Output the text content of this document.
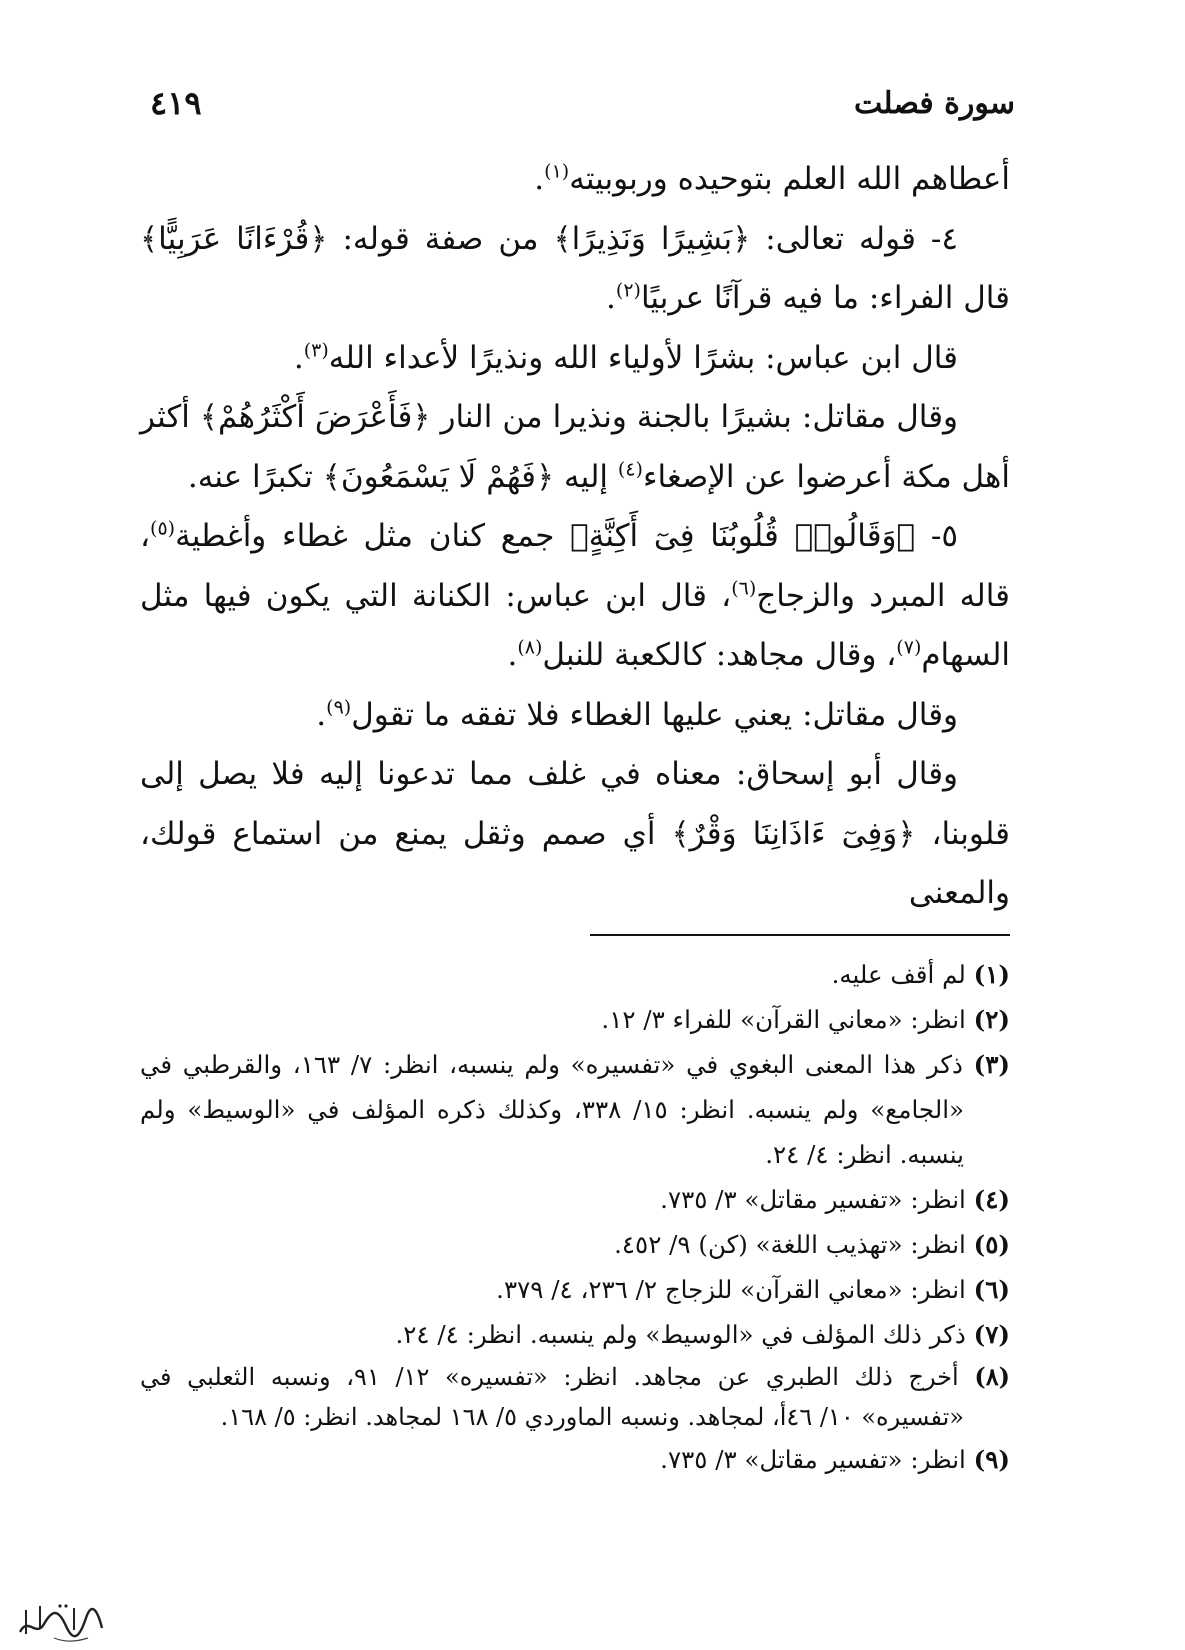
سورة فصلت
٤١٩

أعطاهم الله العلم بتوحيده وربوبيته$^{(١)}$.

٤- قوله تعالى: ﴿بَشِيرًا وَنَذِيرًا﴾ من صفة قوله: ﴿قُرْءَانًا عَرَبِيًّا﴾ قال الفراء: ما فيه قرآنًا عربيًا$^{(٢)}$.

قال ابن عباس: بشرًا لأولياء الله ونذيرًا لأعداء الله$^{(٣)}$.

وقال مقاتل: بشيرًا بالجنة ونذيرا من النار ﴿فَأَعْرَضَ أَكْثَرُهُمْ﴾ أكثر أهل مكة أعرضوا عن الإصغاء$^{(٤)}$ إليه ﴿فَهُمْ لَا يَسْمَعُونَ﴾ تكبرًا عنه.

٥- ﴿وَقَالُوا۟ قُلُوبُنَا فِىٓ أَكِنَّةٍ﴾ جمع كنان مثل غطاء وأغطية$^{(٥)}$، قاله المبرد والزجاج$^{(٦)}$، قال ابن عباس: الكنانة التي يكون فيها مثل السهام$^{(٧)}$، وقال مجاهد: كالكعبة للنبل$^{(٨)}$.

وقال مقاتل: يعني عليها الغطاء فلا تفقه ما تقول$^{(٩)}$.

وقال أبو إسحاق: معناه في غلف مما تدعونا إليه فلا يصل إلى قلوبنا، ﴿وَفِىٓ ءَاذَانِنَا وَقْرٌ﴾ أي صمم وثقل يمنع من استماع قولك، والمعنى

(١) لم أقف عليه.

(٢) انظر: «معاني القرآن» للفراء ٣/ ١٢.

(٣) ذكر هذا المعنى البغوي في «تفسيره» ولم ينسبه، انظر: ٧/ ١٦٣، والقرطبي في «الجامع» ولم ينسبه. انظر: ١٥/ ٣٣٨، وكذلك ذكره المؤلف في «الوسيط» ولم ينسبه. انظر: ٤/ ٢٤.

(٤) انظر: «تفسير مقاتل» ٣/ ٧٣٥.

(٥) انظر: «تهذيب اللغة» (كن) ٩/ ٤٥٢.

(٦) انظر: «معاني القرآن» للزجاج ٢/ ٢٣٦، ٤/ ٣٧٩.

(٧) ذكر ذلك المؤلف في «الوسيط» ولم ينسبه. انظر: ٤/ ٢٤.

(٨) أخرج ذلك الطبري عن مجاهد. انظر: «تفسيره» ١٢/ ٩١، ونسبه الثعلبي في «تفسيره» ١٠/ ٤٦أ، لمجاهد. ونسبه الماوردي ٥/ ١٦٨ لمجاهد. انظر: ٥/ ١٦٨.

(٩) انظر: «تفسير مقاتل» ٣/ ٧٣٥.
